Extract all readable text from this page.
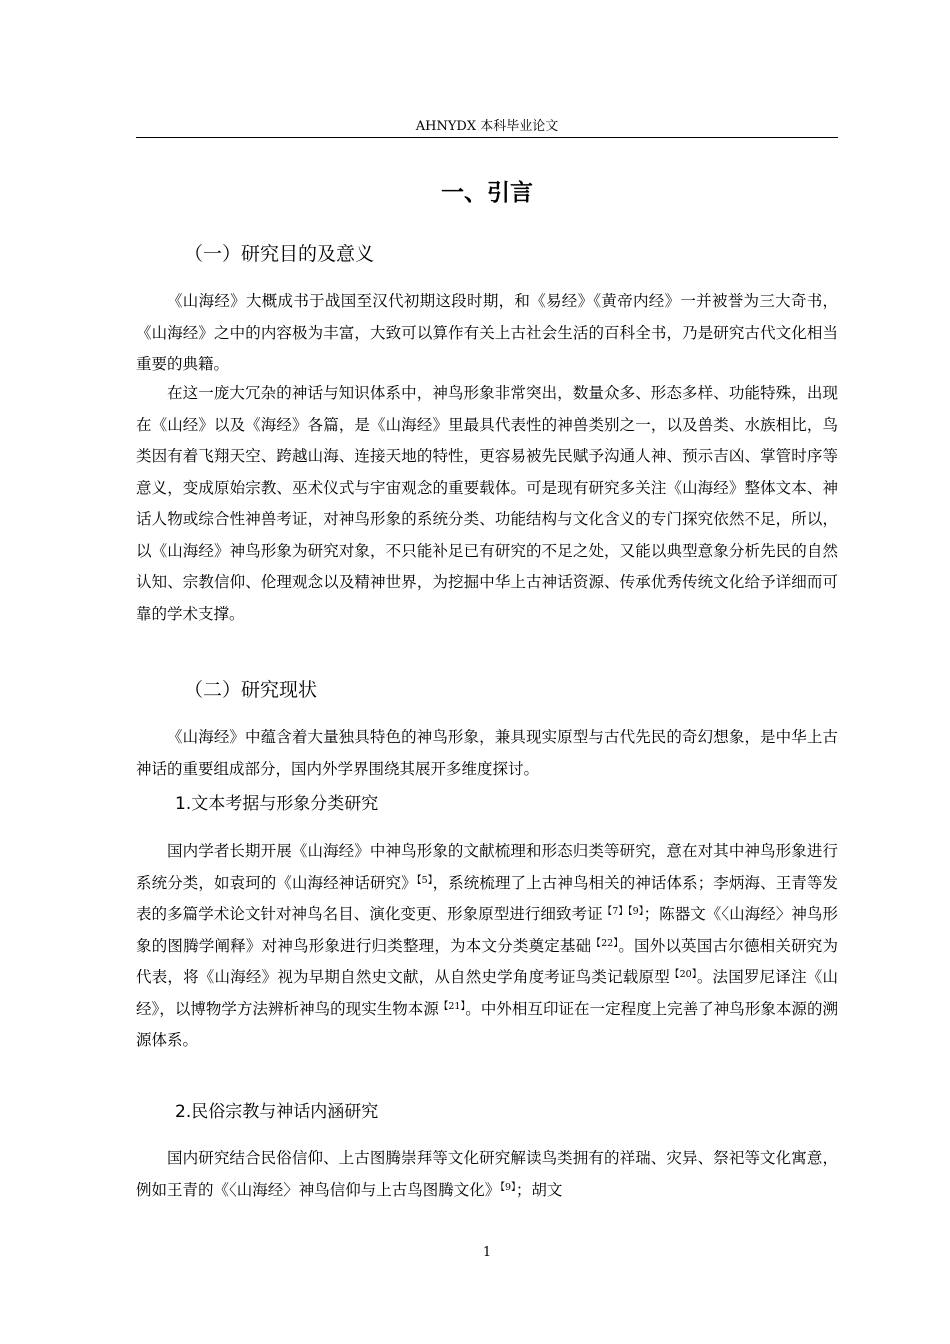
AHNYDX 本科毕业论文
一、引言
（一）研究目的及意义

《山海经》大概成书于战国至汉代初期这段时期，和《易经》《黄帝内经》一并被誉为三大奇书，《山海经》之中的内容极为丰富，大致可以算作有关上古社会生活的百科全书，乃是研究古代文化相当重要的典籍。

在这一庞大冗杂的神话与知识体系中，神鸟形象非常突出，数量众多、形态多样、功能特殊，出现在《山经》以及《海经》各篇，是《山海经》里最具代表性的神兽类别之一，以及兽类、水族相比，鸟类因有着飞翔天空、跨越山海、连接天地的特性，更容易被先民赋予沟通人神、预示吉凶、掌管时序等意义，变成原始宗教、巫术仪式与宇宙观念的重要载体。可是现有研究多关注《山海经》整体文本、神话人物或综合性神兽考证，对神鸟形象的系统分类、功能结构与文化含义的专门探究依然不足，所以，以《山海经》神鸟形象为研究对象，不只能补足已有研究的不足之处，又能以典型意象分析先民的自然认知、宗教信仰、伦理观念以及精神世界，为挖掘中华上古神话资源、传承优秀传统文化给予详细而可靠的学术支撑。

（二）研究现状

《山海经》中蕴含着大量独具特色的神鸟形象，兼具现实原型与古代先民的奇幻想象，是中华上古神话的重要组成部分，国内外学界围绕其展开多维度探讨。

1.文本考据与形象分类研究

国内学者长期开展《山海经》中神鸟形象的文献梳理和形态归类等研究，意在对其中神鸟形象进行系统分类，如袁珂的《山海经神话研究》$^{【5】}$，系统梳理了上古神鸟相关的神话体系；李炳海、王青等发表的多篇学术论文针对神鸟名目、演化变更、形象原型进行细致考证$^{【7】【9】}$；陈器文《〈山海经〉神鸟形象的图腾学阐释》对神鸟形象进行归类整理，为本文分类奠定基础$^{【22】}$。国外以英国古尔德相关研究为代表，将《山海经》视为早期自然史文献，从自然史学角度考证鸟类记载原型$^{【20】}$。法国罗尼译注《山经》，以博物学方法辨析神鸟的现实生物本源$^{【21】}$。中外相互印证在一定程度上完善了神鸟形象本源的溯源体系。

2.民俗宗教与神话内涵研究

国内研究结合民俗信仰、上古图腾崇拜等文化研究解读鸟类拥有的祥瑞、灾异、祭祀等文化寓意，例如王青的《〈山海经〉神鸟信仰与上古鸟图腾文化》$^{【9】}$；胡文

1
